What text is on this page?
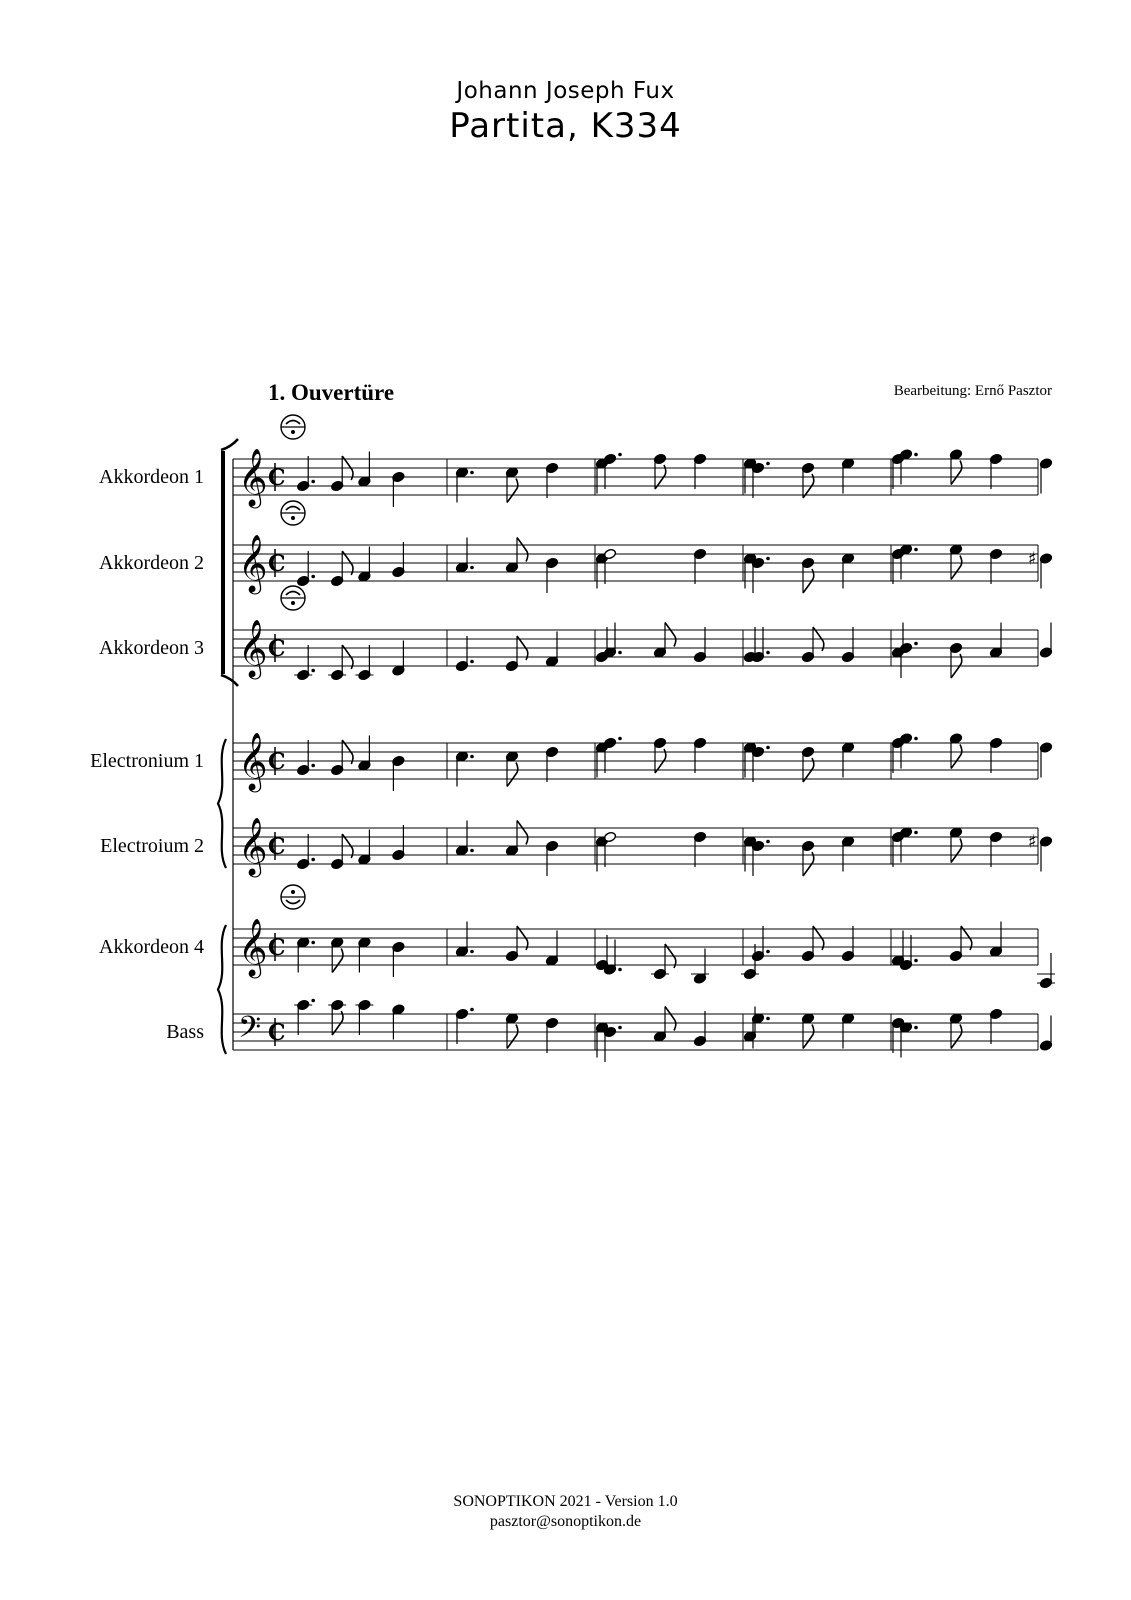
Johann Joseph Fux
Partita, K334
1. Ouvertüre	Bearbeitung: Ernő Pasztor
Akkordeon 1 𝄞 C
Akkordeon 2 𝄞 C	♯
Akkordeon 3 𝄞 C
Electronium 1 𝄞 C
Electroium 2 𝄞 C	♯
Akkordeon 4 𝄞 C
Bass 𝄢 C
SONOPTIKON 2021 - Version 1.0
pasztor@sonoptikon.de
